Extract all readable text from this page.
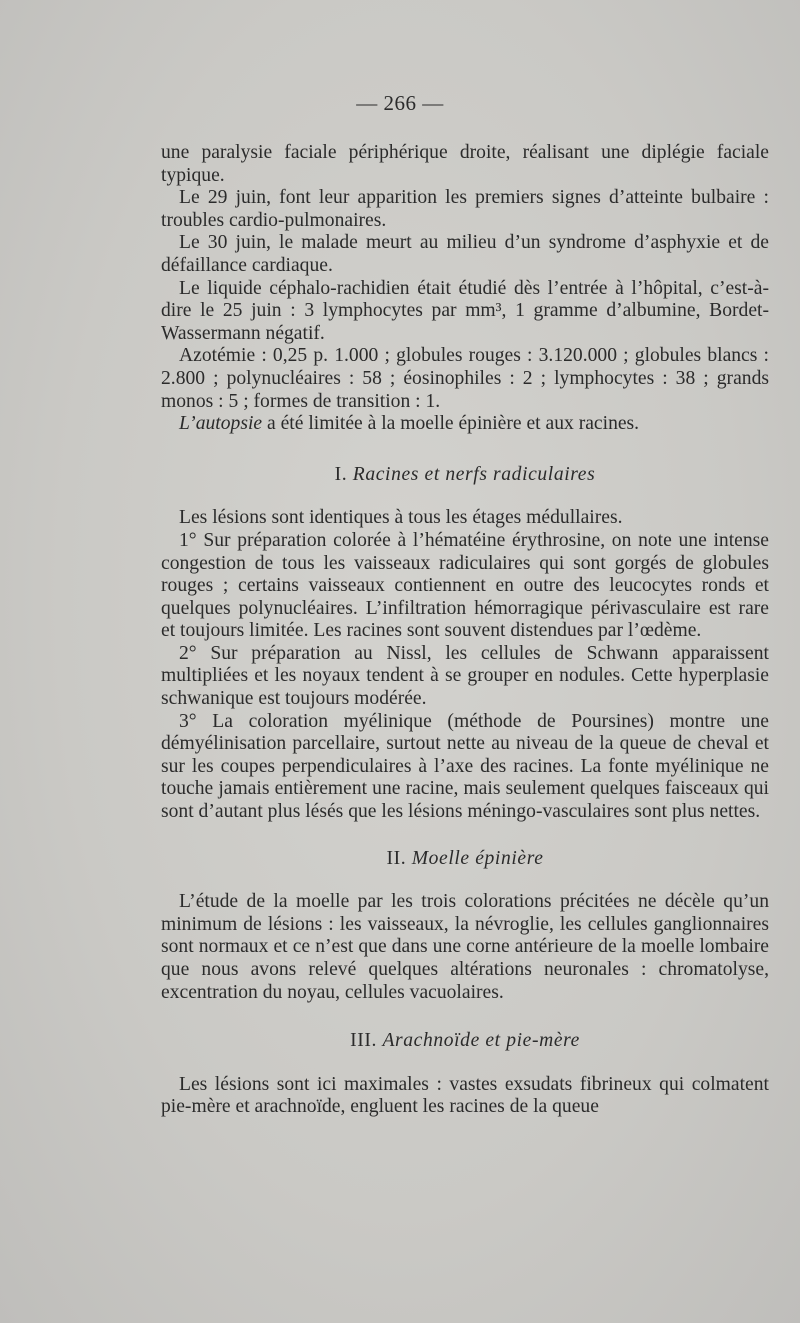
— 266 —

une paralysie faciale périphérique droite, réalisant une diplégie faciale typique.

Le 29 juin, font leur apparition les premiers signes d’atteinte bulbaire : troubles cardio-pulmonaires.

Le 30 juin, le malade meurt au milieu d’un syndrome d’asphyxie et de défaillance cardiaque.

Le liquide céphalo-rachidien était étudié dès l’entrée à l’hôpital, c’est-à-dire le 25 juin : 3 lymphocytes par mm³, 1 gramme d’albumine, Bordet-Wassermann négatif.

Azotémie : 0,25 p. 1.000 ; globules rouges : 3.120.000 ; globules blancs : 2.800 ; polynucléaires : 58 ; éosinophiles : 2 ; lymphocytes : 38 ; grands monos : 5 ; formes de transition : 1.

L’autopsie a été limitée à la moelle épinière et aux racines.

I. Racines et nerfs radiculaires

Les lésions sont identiques à tous les étages médullaires.

1° Sur préparation colorée à l’hématéine érythrosine, on note une intense congestion de tous les vaisseaux radiculaires qui sont gorgés de globules rouges ; certains vaisseaux contiennent en outre des leucocytes ronds et quelques polynucléaires. L’infiltration hémorragique périvasculaire est rare et toujours limitée. Les racines sont souvent distendues par l’œdème.

2° Sur préparation au Nissl, les cellules de Schwann apparaissent multipliées et les noyaux tendent à se grouper en nodules. Cette hyperplasie schwanique est toujours modérée.

3° La coloration myélinique (méthode de Poursines) montre une démyélinisation parcellaire, surtout nette au niveau de la queue de cheval et sur les coupes perpendiculaires à l’axe des racines. La fonte myélinique ne touche jamais entièrement une racine, mais seulement quelques faisceaux qui sont d’autant plus lésés que les lésions méningo-vasculaires sont plus nettes.

II. Moelle épinière

L’étude de la moelle par les trois colorations précitées ne décèle qu’un minimum de lésions : les vaisseaux, la névroglie, les cellules ganglionnaires sont normaux et ce n’est que dans une corne antérieure de la moelle lombaire que nous avons relevé quelques altérations neuronales : chromatolyse, excentration du noyau, cellules vacuolaires.

III. Arachnoïde et pie-mère

Les lésions sont ici maximales : vastes exsudats fibrineux qui colmatent pie-mère et arachnoïde, engluent les racines de la queue
